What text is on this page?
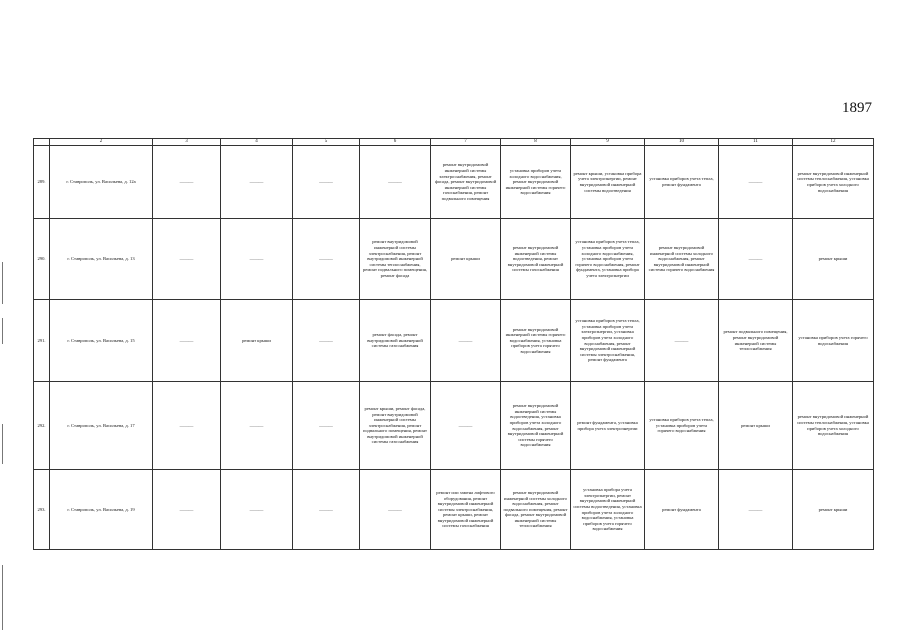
1897
	2	3	4	5	6	7	8	9	10	11	12
289.	г. Ставрополь, ул. Васильева, д. 12а	———	———	———	———	ремонт внутридомовой инженерной системы электроснабжения, ремонт фасада, ремонт внутридомовой инженерной системы газоснабжения, ремонт подвального помещения	установка приборов учета холодного водоснабжения, ремонт внутридомовой инженерной системы горячего водоснабжения	ремонт крыши, установка прибора учета электроэнергии, ремонт внутридомовой инженерной системы водоотведения	установка приборов учета тепла, ремонт фундамента	———	ремонт внутридомовой инженерной системы теплоснабжения, установка приборов учета холодного водоснабжения
290.	г. Ставрополь, ул. Васильева, д. 13	———	———	———	ремонт внутридомовой инженерной системы электроснабжения, ремонт внутридомовой инженерной системы теплоснабжения, ремонт подвального помещения, ремонт фасада	ремонт крыши	ремонт внутридомовой инженерной системы водоотведения, ремонт внутридомовой инженерной системы газоснабжения	установка приборов учета тепла, установка приборов учета холодного водоснабжения, установка приборов учета горячего водоснабжения, ремонт фундамента, установка прибора учета электроэнергии	ремонт внутридомовой инженерной системы холодного водоснабжения, ремонт внутридомовой инженерной системы горячего водоснабжения	———	ремонт крыши
291.	г. Ставрополь, ул. Васильева, д. 15	———	ремонт крыши	———	ремонт фасада, ремонт внутридомовой инженерной системы газоснабжения	———	ремонт внутридомовой инженерной системы горячего водоснабжения, установка приборов учета горячего водоснабжения	установка приборов учета тепла, установка приборов учета электроэнергии, установка приборов учета холодного водоснабжения, ремонт внутридомовой инженерной системы электроснабжения, ремонт фундамента	———	ремонт подвального помещения, ремонт внутридомовой инженерной системы теплоснабжения	установка приборов учета горячего водоснабжения
292.	г. Ставрополь, ул. Васильева, д. 17	———	———	———	ремонт крыши, ремонт фасада, ремонт внутридомовой инженерной системы электроснабжения, ремонт подвального помещения, ремонт внутридомовой инженерной системы газоснабжения	———	ремонт внутридомовой инженерной системы водоотведения, установка приборов учета холодного водоснабжения, ремонт внутридомовой инженерной системы горячего водоснабжения	ремонт фундамента, установка прибора учета электроэнергии	установка приборов учета тепла, установка приборов учета горячего водоснабжения	ремонт крыши	ремонт внутридомовой инженерной системы теплоснабжения, установка приборов учета холодного водоснабжения
293.	г. Ставрополь, ул. Васильева, д. 19	———	———	———	———	ремонт или замена лифтового оборудования, ремонт внутридомовой инженерной системы электроснабжения, ремонт крыши, ремонт внутридомовой инженерной системы газоснабжения	ремонт внутридомовой инженерной системы холодного водоснабжения, ремонт подвального помещения, ремонт фасада, ремонт внутридомовой инженерной системы теплоснабжения	установка прибора учета электроэнергии, ремонт внутридомовой инженерной системы водоотведения, установка приборов учета холодного водоснабжения, установка приборов учета горячего водоснабжения	ремонт фундамента	———	ремонт крыши
